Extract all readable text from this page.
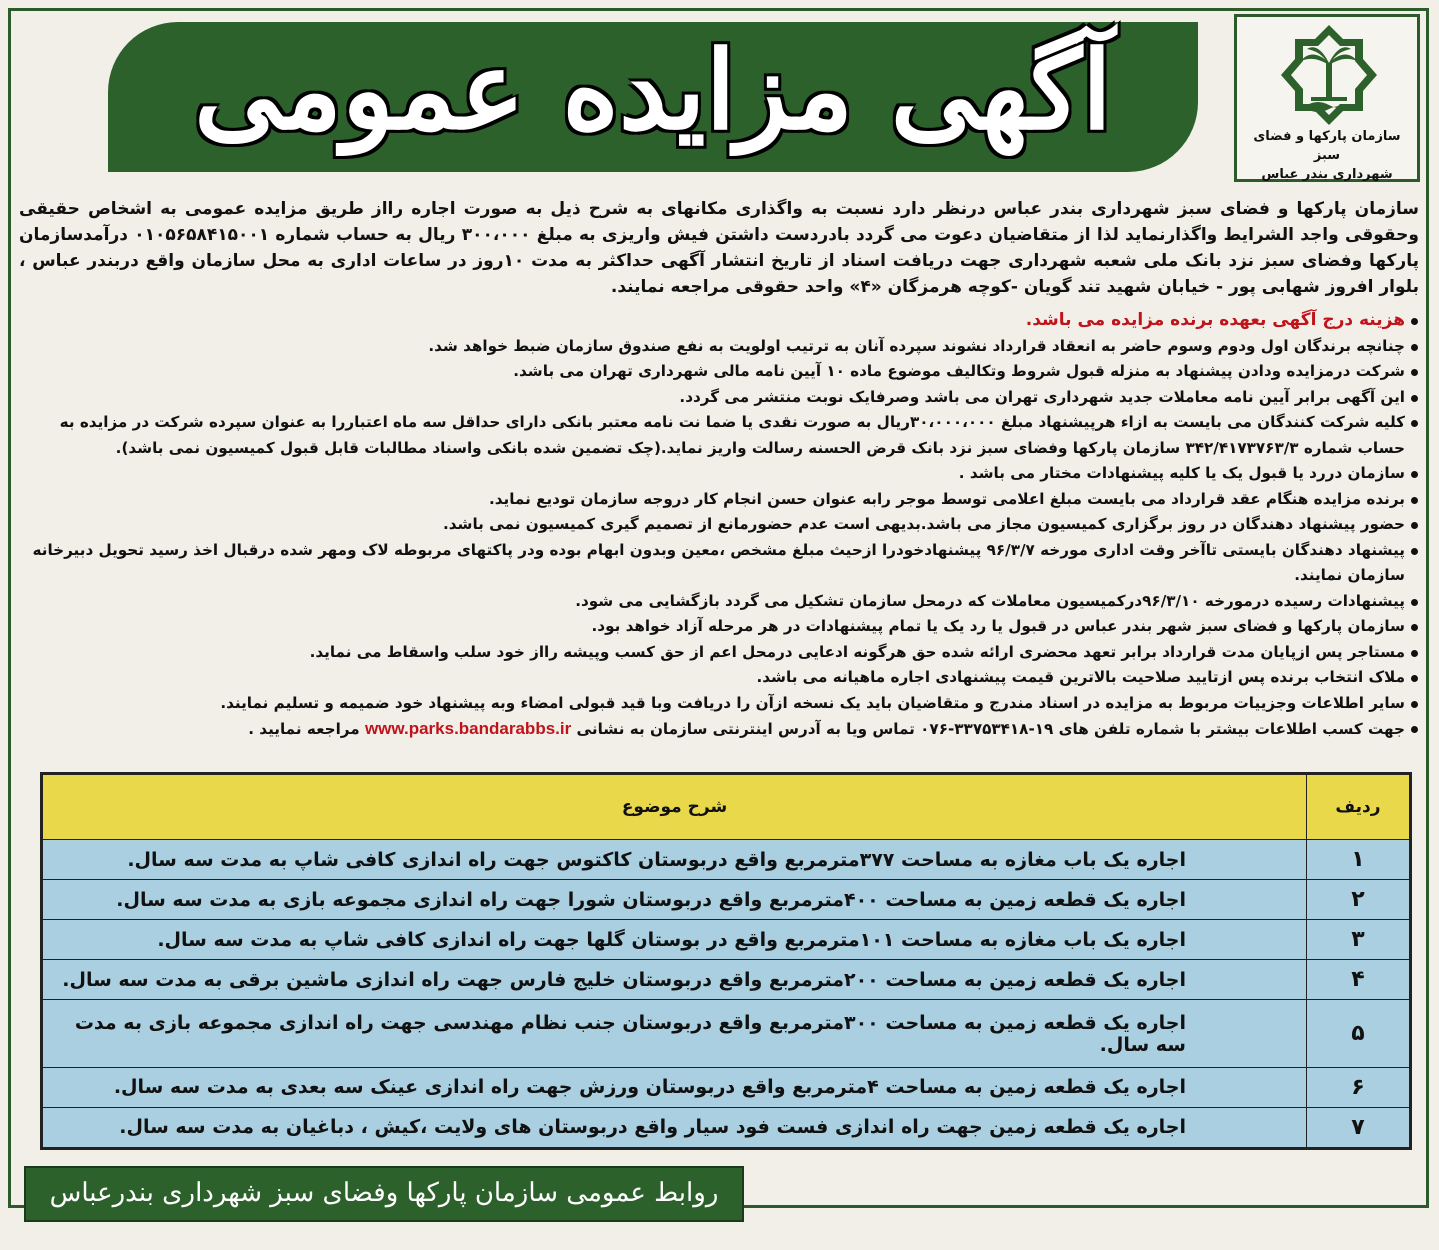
آگهی مزایده عمومی	سازمان پارکها و فضای سبز
شهرداری بندر عباس
سازمان پارکها و فضای سبز شهرداری بندر عباس درنظر دارد نسبت به واگذاری مکانهای به شرح ذیل به صورت اجاره رااز طریق مزایده عمومی به اشخاص حقیقی وحقوقی واجد الشرایط واگذارنماید لذا از متقاضیان دعوت می گردد بادردست داشتن فیش واریزی به مبلغ ۳۰۰،۰۰۰ ریال به حساب شماره ۰۱۰۵۶۵۸۴۱۵۰۰۱ درآمدسازمان پارکها وفضای سبز نزد بانک ملی شعبه شهرداری جهت دریافت اسناد از تاریخ انتشار آگهی حداکثر به مدت ۱۰روز در ساعات اداری به محل سازمان واقع دربندر عباس ، بلوار افروز شهابی پور - خیابان شهید تند گویان -کوچه هرمزگان «۴» واحد حقوقی مراجعه نمایند.
هزینه درج آگهی بعهده برنده مزایده می باشد.
چنانچه برندگان اول ودوم وسوم حاضر به انعقاد قرارداد نشوند سپرده آنان به ترتیب اولویت به نفع صندوق سازمان ضبط خواهد شد.
شرکت درمزایده ودادن پیشنهاد به منزله قبول شروط وتکالیف موضوع ماده ۱۰ آیین نامه مالی شهرداری تهران می باشد.
این آگهی برابر آیین نامه معاملات جدید شهرداری تهران می باشد وصرفایک نوبت منتشر می گردد.
کلیه شرکت کنندگان می بایست به ازاء هرپیشنهاد مبلغ ۳۰،۰۰۰،۰۰۰ریال به صورت نقدی یا ضما نت نامه معتبر بانکی دارای حداقل سه ماه اعتباررا به عنوان سپرده شرکت در مزایده به حساب شماره ۳۴۲/۴۱۷۳۷۶۳/۳ سازمان پارکها وفضای سبز نزد بانک قرض الحسنه رسالت واریز نماید.(چک تضمین شده بانکی واسناد مطالبات قابل قبول کمیسیون نمی باشد).
سازمان دررد یا قبول یک یا کلیه پیشنهادات مختار می باشد .
برنده مزایده هنگام عقد قرارداد می بایست مبلغ اعلامی توسط موجر رابه عنوان حسن انجام کار دروجه سازمان تودیع نماید.
حضور پیشنهاد دهندگان در روز برگزاری کمیسیون مجاز می باشد.بدیهی است عدم حضورمانع از تصمیم گیری کمیسیون نمی باشد.
پیشنهاد دهندگان بایستی تاآخر وقت اداری مورخه ۹۶/۳/۷ پیشنهادخودرا ازحیث مبلغ مشخص ،معین وبدون ابهام بوده ودر پاکتهای مربوطه لاک ومهر شده درقبال اخذ رسید تحویل دبیرخانه سازمان نمایند.
پیشنهادات رسیده درمورخه ۹۶/۳/۱۰درکمیسیون معاملات که درمحل سازمان تشکیل می گردد بازگشایی می شود.
سازمان پارکها و فضای سبز شهر بندر عباس در قبول یا رد یک یا تمام پیشنهادات در هر مرحله آزاد خواهد بود.
مستاجر پس ازپایان مدت قرارداد برابر تعهد محضری ارائه شده حق هرگونه ادعایی درمحل اعم از حق کسب وپیشه رااز خود سلب واسقاط می نماید.
ملاک انتخاب برنده پس ازتایید صلاحیت بالاترین قیمت پیشنهادی اجاره ماهیانه می باشد.
سایر اطلاعات وجزییات مربوط به مزایده در اسناد مندرج و متقاضیان باید یک نسخه ازآن را دریافت وبا قید قبولی امضاء وبه پیشنهاد خود ضمیمه و تسلیم نمایند.
جهت کسب اطلاعات بیشتر با شماره تلفن های ۱۹-۳۳۷۵۳۴۱۸-۰۷۶ تماس ویا به آدرس اینترنتی سازمان به نشانی www.parks.bandarabbs.ir مراجعه نمایید .
ردیف	شرح موضوع
۱	اجاره یک باب مغازه به مساحت ۳۷۷مترمربع واقع دربوستان کاکتوس جهت راه اندازی کافی شاپ به مدت سه سال.
۲	اجاره یک قطعه زمین به مساحت ۴۰۰مترمربع واقع دربوستان شورا جهت راه اندازی مجموعه بازی به مدت سه سال.
۳	اجاره یک باب مغازه به مساحت ۱۰۱مترمربع واقع در بوستان گلها جهت راه اندازی کافی شاپ به مدت سه سال.
۴	اجاره یک قطعه زمین به مساحت ۲۰۰مترمربع واقع دربوستان خلیج فارس جهت راه اندازی ماشین برقی به مدت سه سال.
۵	اجاره یک قطعه زمین به مساحت ۳۰۰مترمربع واقع دربوستان جنب نظام مهندسی جهت راه اندازی مجموعه بازی به مدت سه سال.
۶	اجاره یک قطعه زمین به مساحت ۴مترمربع واقع دربوستان ورزش جهت راه اندازی عینک سه بعدی به مدت سه سال.
۷	اجاره یک قطعه زمین جهت راه اندازی فست فود سیار واقع دربوستان های ولایت ،کیش ، دباغیان به مدت سه سال.
روابط عمومی سازمان پارکها وفضای سبز شهرداری بندرعباس
